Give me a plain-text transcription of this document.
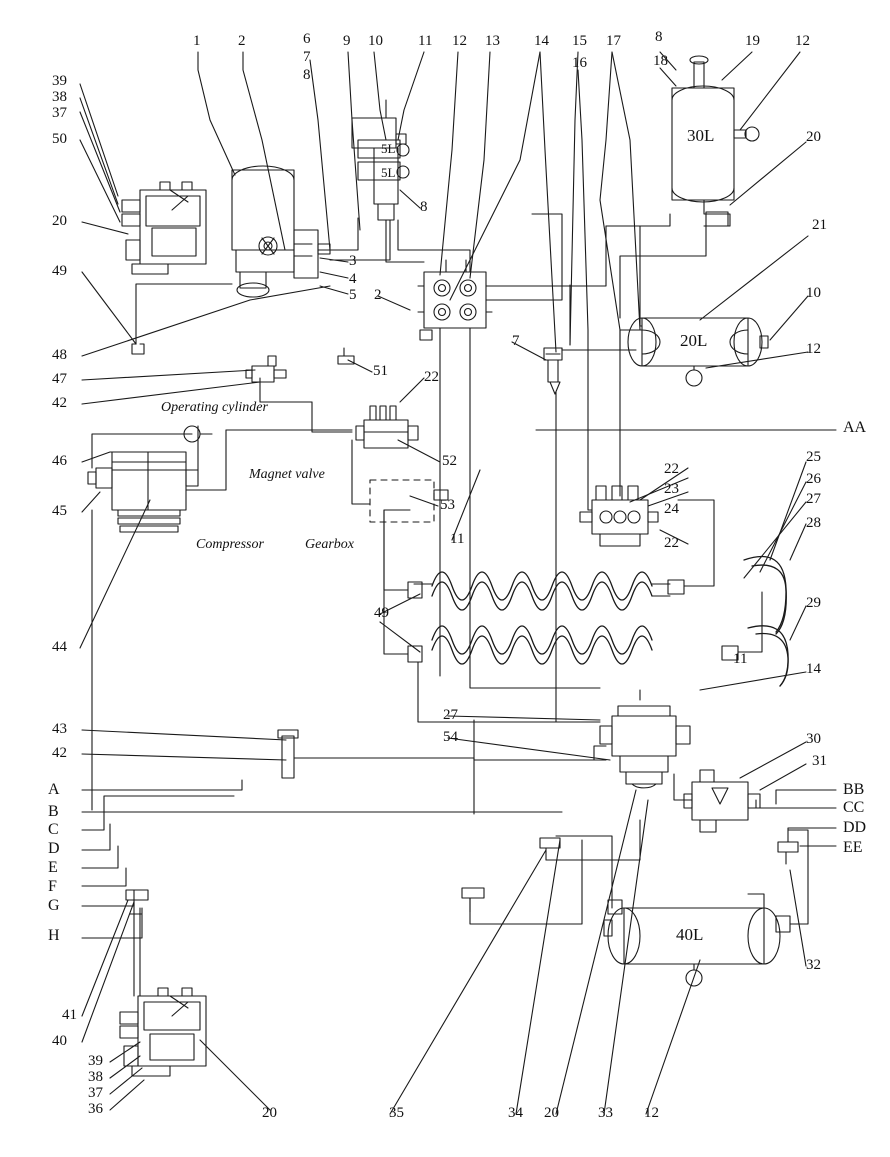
1	2	6
7
8
9 10 11 12 13 14 15
16
17 8
18
19 12
39
38
37
50
20
49
48
47
42
46
45
44
43
42
41
40
39
38
37
36
20
21
10
12
AA
22
23
24
22
25
26
27
28
29
14
30
31
32
3
4
5 2
8
7
51 22
52
53
11
49
11
27
54
35	34 20	33 12
20
A
B
C
D
E
F
G
H
BB
CC
DD
EE
30L
20L
40L
5L
5L
Operating cylinder
Magnet valve
Compressor	Gearbox
